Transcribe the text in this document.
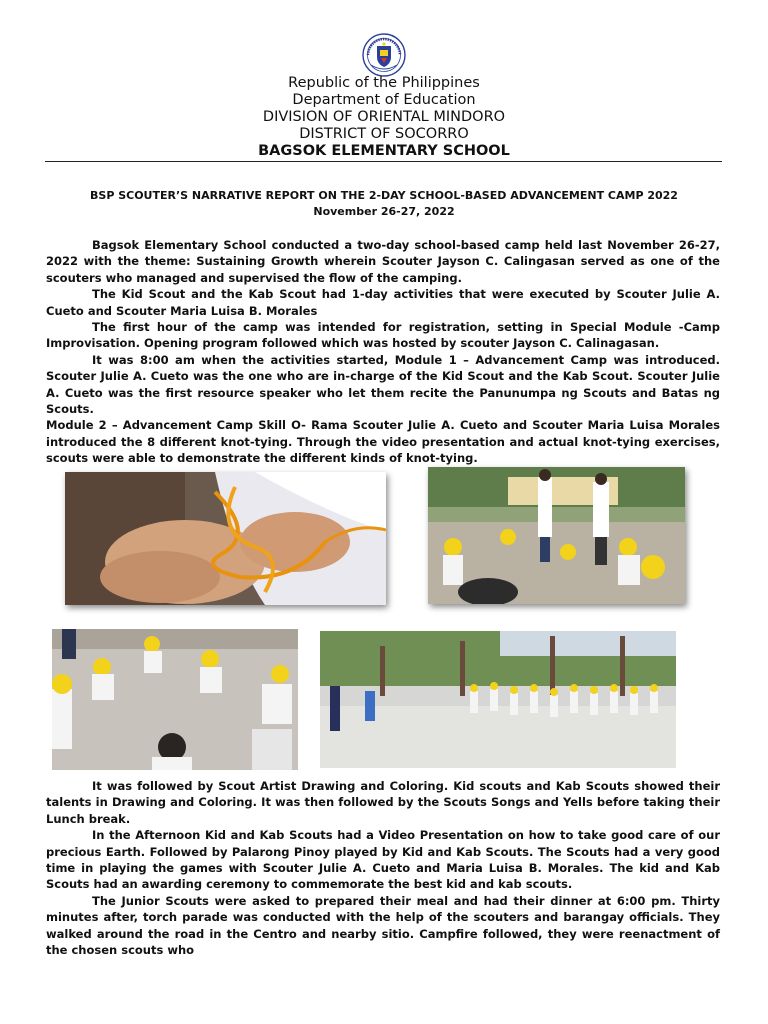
Republic of the Philippines
Department of Education
DIVISION OF ORIENTAL MINDORO
DISTRICT OF SOCORRO
BAGSOK ELEMENTARY SCHOOL
BSP SCOUTER’S NARRATIVE REPORT ON THE 2-DAY SCHOOL-BASED ADVANCEMENT CAMP 2022
November 26-27, 2022

Bagsok Elementary School conducted a two-day school-based camp held last November 26-27, 2022 with the theme: Sustaining Growth wherein Scouter Jayson C. Calingasan served as one of the scouters who managed and supervised the flow of the camping.

The Kid Scout and the Kab Scout had 1-day activities that were executed by Scouter Julie A. Cueto and Scouter Maria Luisa B. Morales

The first hour of the camp was intended for registration, setting in Special Module -Camp Improvisation. Opening program followed which was hosted by scouter Jayson C. Calinagasan.

It was 8:00 am when the activities started, Module 1 – Advancement Camp was introduced. Scouter Julie A. Cueto was the one who are in-charge of the Kid Scout and the Kab Scout. Scouter Julie A. Cueto was the first resource speaker who let them recite the Panunumpa ng Scouts and Batas ng Scouts.

Module 2 – Advancement Camp Skill O- Rama Scouter Julie A. Cueto and Scouter Maria Luisa Morales introduced the 8 different knot-tying. Through the video presentation and actual knot-tying exercises, scouts were able to demonstrate the different kinds of knot-tying.

It was followed by Scout Artist Drawing and Coloring. Kid scouts and Kab Scouts showed their talents in Drawing and Coloring. It was then followed by the Scouts Songs and Yells before taking their Lunch break.

In the Afternoon Kid and Kab Scouts had a Video Presentation on how to take good care of our precious Earth. Followed by Palarong Pinoy played by Kid and Kab Scouts. The Scouts had a very good time in playing the games with Scouter Julie A. Cueto and Maria Luisa B. Morales. The kid and Kab Scouts had an awarding ceremony to commemorate the best kid and kab scouts.

The Junior Scouts were asked to prepared their meal and had their dinner at 6:00 pm. Thirty minutes after, torch parade was conducted with the help of the scouters and barangay officials. They walked around the road in the Centro and nearby sitio. Campfire followed, they were reenactment of the chosen scouts who
